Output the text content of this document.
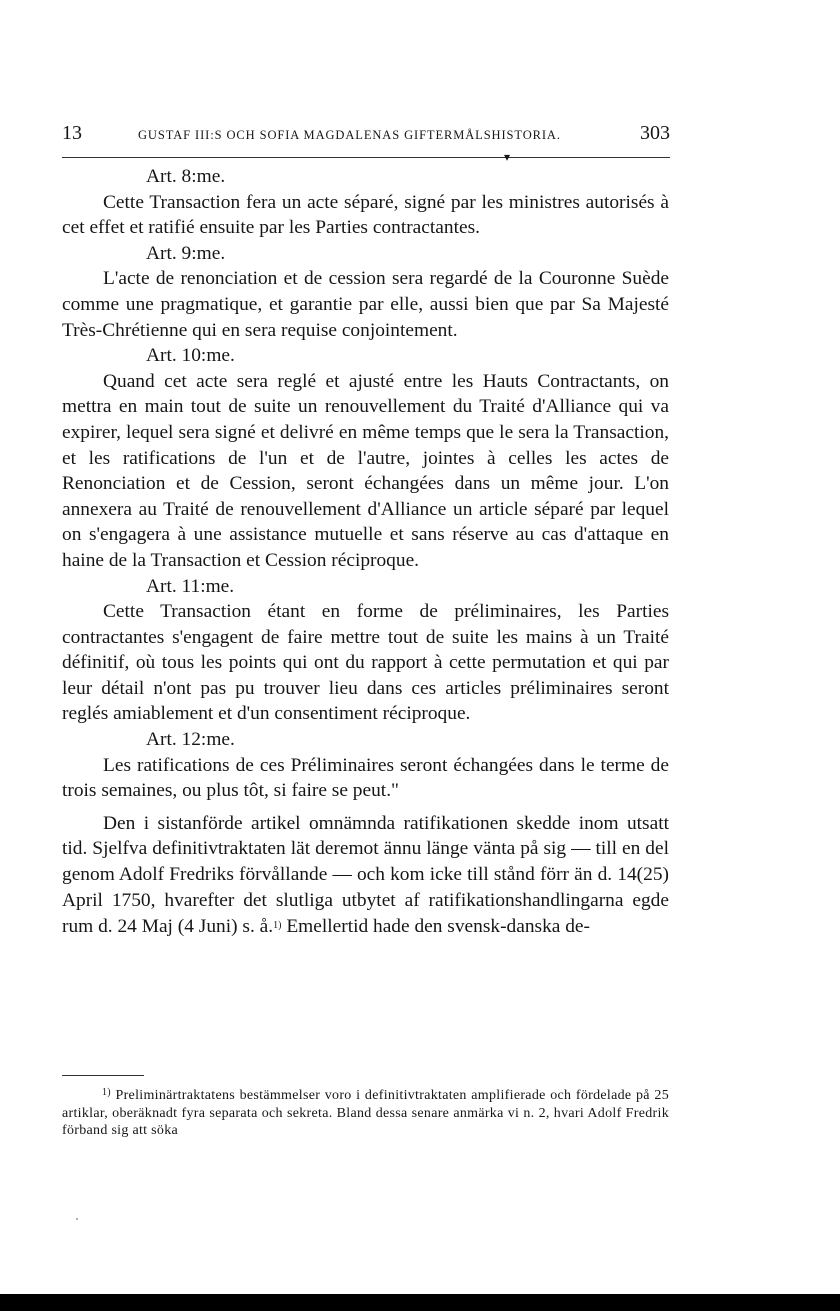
13	GUSTAF III:S OCH SOFIA MAGDALENAS GIFTERMÅLSHISTORIA.	303
▾

Art. 8:me.

Cette Transaction fera un acte séparé, signé par les ministres autorisés à cet effet et ratifié ensuite par les Parties contractantes.

Art. 9:me.

L'acte de renonciation et de cession sera regardé de la Couronne Suède comme une pragmatique, et garantie par elle, aussi bien que par Sa Majesté Très-Chrétienne qui en sera requise conjointement.

Art. 10:me.

Quand cet acte sera reglé et ajusté entre les Hauts Contractants, on mettra en main tout de suite un renouvellement du Traité d'Alliance qui va expirer, lequel sera signé et delivré en même temps que le sera la Transaction, et les ratifications de l'un et de l'autre, jointes à celles les actes de Renonciation et de Cession, seront échangées dans un même jour. L'on annexera au Traité de renouvellement d'Alliance un article séparé par lequel on s'engagera à une assistance mutuelle et sans réserve au cas d'attaque en haine de la Transaction et Cession réciproque.

Art. 11:me.

Cette Transaction étant en forme de préliminaires, les Parties contractantes s'engagent de faire mettre tout de suite les mains à un Traité définitif, où tous les points qui ont du rapport à cette permutation et qui par leur détail n'ont pas pu trouver lieu dans ces articles préliminaires seront reglés amiablement et d'un consentiment réciproque.

Art. 12:me.

Les ratifications de ces Préliminaires seront échangées dans le terme de trois semaines, ou plus tôt, si faire se peut."

Den i sistanförde artikel omnämnda ratifikationen skedde inom utsatt tid. Sjelfva definitivtraktaten lät deremot ännu länge vänta på sig — till en del genom Adolf Fredriks förvållande — och kom icke till stånd förr än d. 14(25) April 1750, hvarefter det slutliga utbytet af ratifikationshandlingarna egde rum d. 24 Maj (4 Juni) s. å.$^{1)}$ Emellertid hade den svensk-danska de-

$^{1)}$ Preliminärtraktatens bestämmelser voro i definitivtraktaten amplifierade och fördelade på 25 artiklar, oberäknadt fyra separata och sekreta. Bland dessa senare anmärka vi n. 2, hvari Adolf Fredrik förband sig att söka
